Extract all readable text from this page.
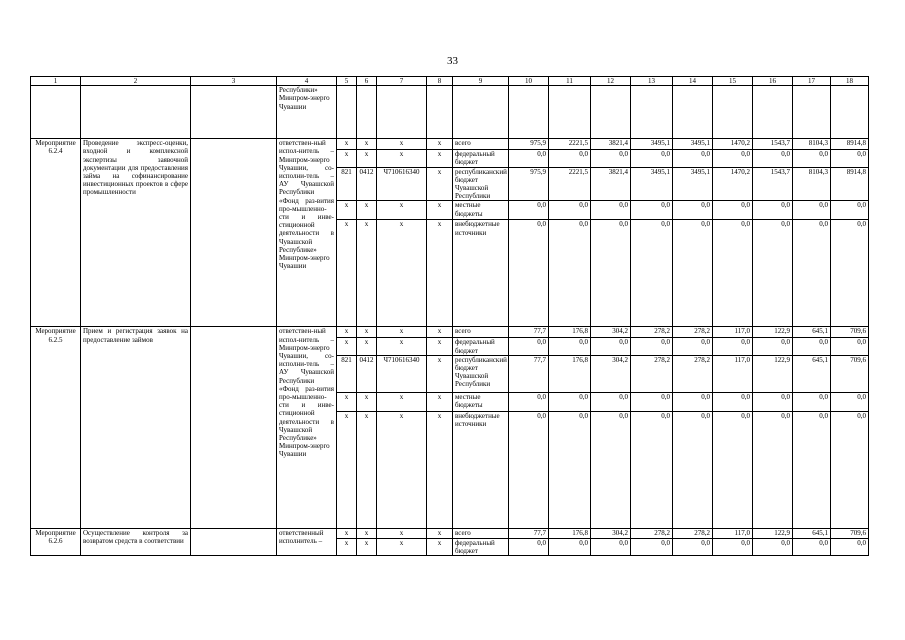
33
1	2	3	4	5	6	7	8	9	10	11	12	13	14	15	16	17	18
			Республики» Минпром-энерго Чувашии														
Мероприятие 6.2.4	Проведение экспресс-оценки, входной и комплексной экспертизы заявочной документации для предоставления займа на софинансирование инвестиционных проектов в сфере промышленности		ответствен-ный испол-нитель – Минпром-энерго Чувашии, со-исполни-тель – АУ Чувашской Республики «Фонд раз-вития про-мышленно-сти и инве-стиционной деятельности в Чувашской Республике» Минпром-энерго Чувашии	x	x	x	x	всего	975,9	2221,5	3821,4	3495,1	3495,1	1470,2	1543,7	8104,3	8914,8
				x	x	x	x	федеральный бюджет	0,0	0,0	0,0	0,0	0,0	0,0	0,0	0,0	0,0
				821	0412	Ч710616340	x	республиканский бюджет Чувашской Республики	975,9	2221,5	3821,4	3495,1	3495,1	1470,2	1543,7	8104,3	8914,8
				x	x	x	x	местные бюджеты	0,0	0,0	0,0	0,0	0,0	0,0	0,0	0,0	0,0
				x	x	x	x	внебюджетные источники	0,0	0,0	0,0	0,0	0,0	0,0	0,0	0,0	0,0
Мероприятие 6.2.5	Прием и регистрация заявок на предоставление займов		ответствен-ный испол-нитель – Минпром-энерго Чувашии, со-исполни-тель – АУ Чувашской Республики «Фонд раз-вития про-мышленно-сти и инве-стиционной деятельности в Чувашской Республике» Минпром-энерго Чувашии	x	x	x	x	всего	77,7	176,8	304,2	278,2	278,2	117,0	122,9	645,1	709,6
				x	x	x	x	федеральный бюджет	0,0	0,0	0,0	0,0	0,0	0,0	0,0	0,0	0,0
				821	0412	Ч710616340	x	республиканский бюджет Чувашской Республики	77,7	176,8	304,2	278,2	278,2	117,0	122,9	645,1	709,6
				x	x	x	x	местные бюджеты	0,0	0,0	0,0	0,0	0,0	0,0	0,0	0,0	0,0
				x	x	x	x	внебюджетные источники	0,0	0,0	0,0	0,0	0,0	0,0	0,0	0,0	0,0
Мероприятие 6.2.6	Осуществление контроля за возвратом средств в соответствии		ответственный исполнитель –	x	x	x	x	всего	77,7	176,8	304,2	278,2	278,2	117,0	122,9	645,1	709,6
				x	x	x	x	федеральный бюджет	0,0	0,0	0,0	0,0	0,0	0,0	0,0	0,0	0,0
